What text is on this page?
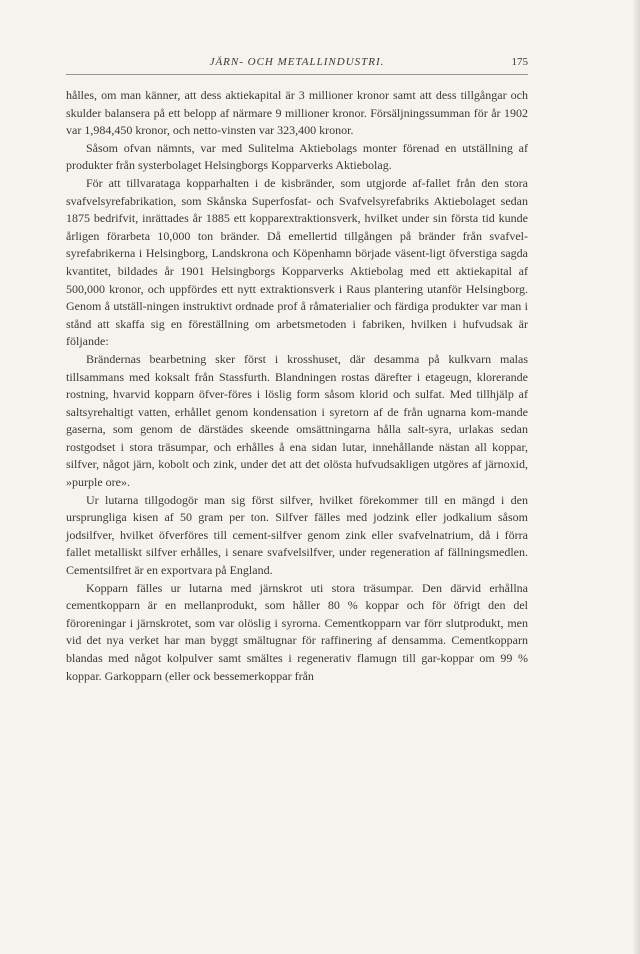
JÄRN- OCH METALLINDUSTRI.	175

hålles, om man känner, att dess aktiekapital är 3 millioner kronor samt att dess tillgångar och skulder balansera på ett belopp af närmare 9 millioner kronor. Försäljningssumman för år 1902 var 1,984,450 kronor, och netto-vinsten var 323,400 kronor.

Såsom ofvan nämnts, var med Sulitelma Aktiebolags monter förenad en utställning af produkter från systerbolaget Helsingborgs Kopparverks Aktiebolag.

För att tillvarataga kopparhalten i de kisbränder, som utgjorde af-fallet från den stora svafvelsyrefabrikation, som Skånska Superfosfat- och Svafvelsyrefabriks Aktiebolaget sedan 1875 bedrifvit, inrättades år 1885 ett kopparextraktionsverk, hvilket under sin första tid kunde årligen förarbeta 10,000 ton bränder. Då emellertid tillgången på bränder från svafvel-syrefabrikerna i Helsingborg, Landskrona och Köpenhamn började väsent-ligt öfverstiga sagda kvantitet, bildades år 1901 Helsingborgs Kopparverks Aktiebolag med ett aktiekapital af 500,000 kronor, och uppfördes ett nytt extraktionsverk i Raus plantering utanför Helsingborg. Genom å utställ-ningen instruktivt ordnade prof å råmaterialier och färdiga produkter var man i stånd att skaffa sig en föreställning om arbetsmetoden i fabriken, hvilken i hufvudsak är följande:

Brändernas bearbetning sker först i krosshuset, där desamma på kulkvarn malas tillsammans med koksalt från Stassfurth. Blandningen rostas därefter i etageugn, klorerande rostning, hvarvid kopparn öfver-föres i löslig form såsom klorid och sulfat. Med tillhjälp af saltsyrehaltigt vatten, erhållet genom kondensation i syretorn af de från ugnarna kom-mande gaserna, som genom de därstädes skeende omsättningarna hålla salt-syra, urlakas sedan rostgodset i stora träsumpar, och erhålles å ena sidan lutar, innehållande nästan all koppar, silfver, något järn, kobolt och zink, under det att det olösta hufvudsakligen utgöres af järnoxid, »purple ore».

Ur lutarna tillgodogör man sig först silfver, hvilket förekommer till en mängd i den ursprungliga kisen af 50 gram per ton. Silfver fälles med jodzink eller jodkalium såsom jodsilfver, hvilket öfverföres till cement-silfver genom zink eller svafvelnatrium, då i förra fallet metalliskt silfver erhålles, i senare svafvelsilfver, under regeneration af fällningsmedlen. Cementsilfret är en exportvara på England.

Kopparn fälles ur lutarna med järnskrot uti stora träsumpar. Den därvid erhållna cementkopparn är en mellanprodukt, som håller 80 % koppar och för öfrigt den del föroreningar i järnskrotet, som var olöslig i syrorna. Cementkopparn var förr slutprodukt, men vid det nya verket har man byggt smältugnar för raffinering af densamma. Cementkopparn blandas med något kolpulver samt smältes i regenerativ flamugn till gar-koppar om 99 % koppar. Garkopparn (eller ock bessemerkoppar från
